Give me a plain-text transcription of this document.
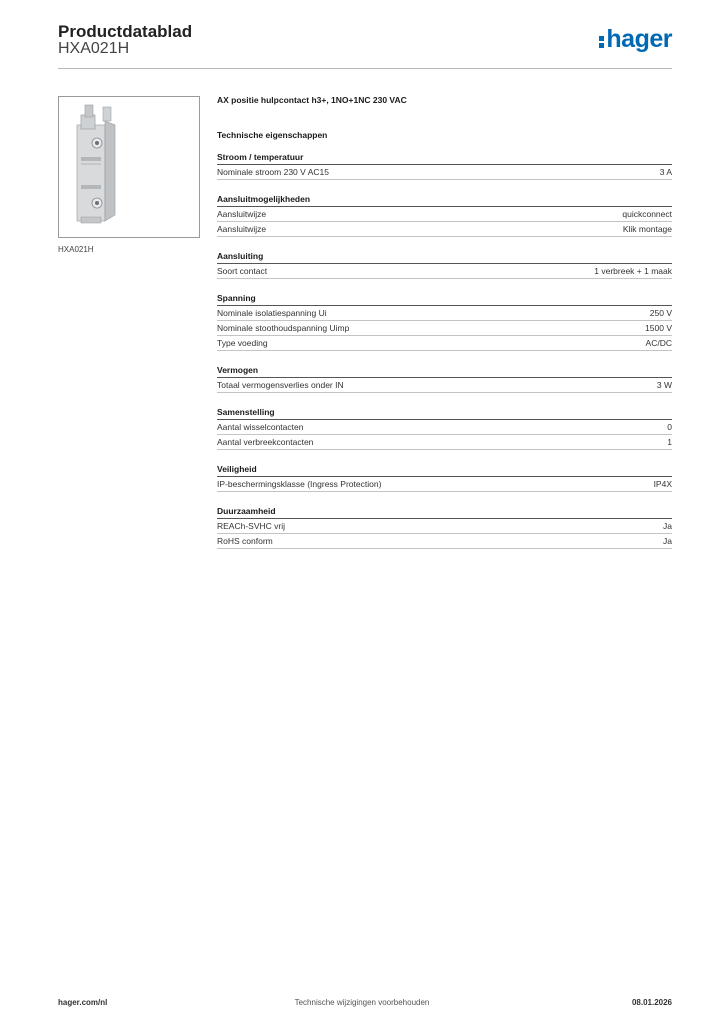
Productdatablad
HXA021H	hager
HXA021H
AX positie hulpcontact h3+, 1NO+1NC 230 VAC
Technische eigenschappen
Stroom / temperatuur
Nominale stroom 230 V AC15	3 A
Aansluitmogelijkheden
Aansluitwijze	quickconnect
Aansluitwijze	Klik montage
Aansluiting
Soort contact	1 verbreek + 1 maak
Spanning
Nominale isolatiespanning Ui	250 V
Nominale stoothoudspanning Uimp	1500 V
Type voeding	AC/DC
Vermogen
Totaal vermogensverlies onder IN	3 W
Samenstelling
Aantal wisselcontacten	0
Aantal verbreekcontacten	1
Veiligheid
IP-beschermingsklasse (Ingress Protection)	IP4X
Duurzaamheid
REACh-SVHC vrij	Ja
RoHS conform	Ja
hager.com/nl	Technische wijzigingen voorbehouden	08.01.2026
